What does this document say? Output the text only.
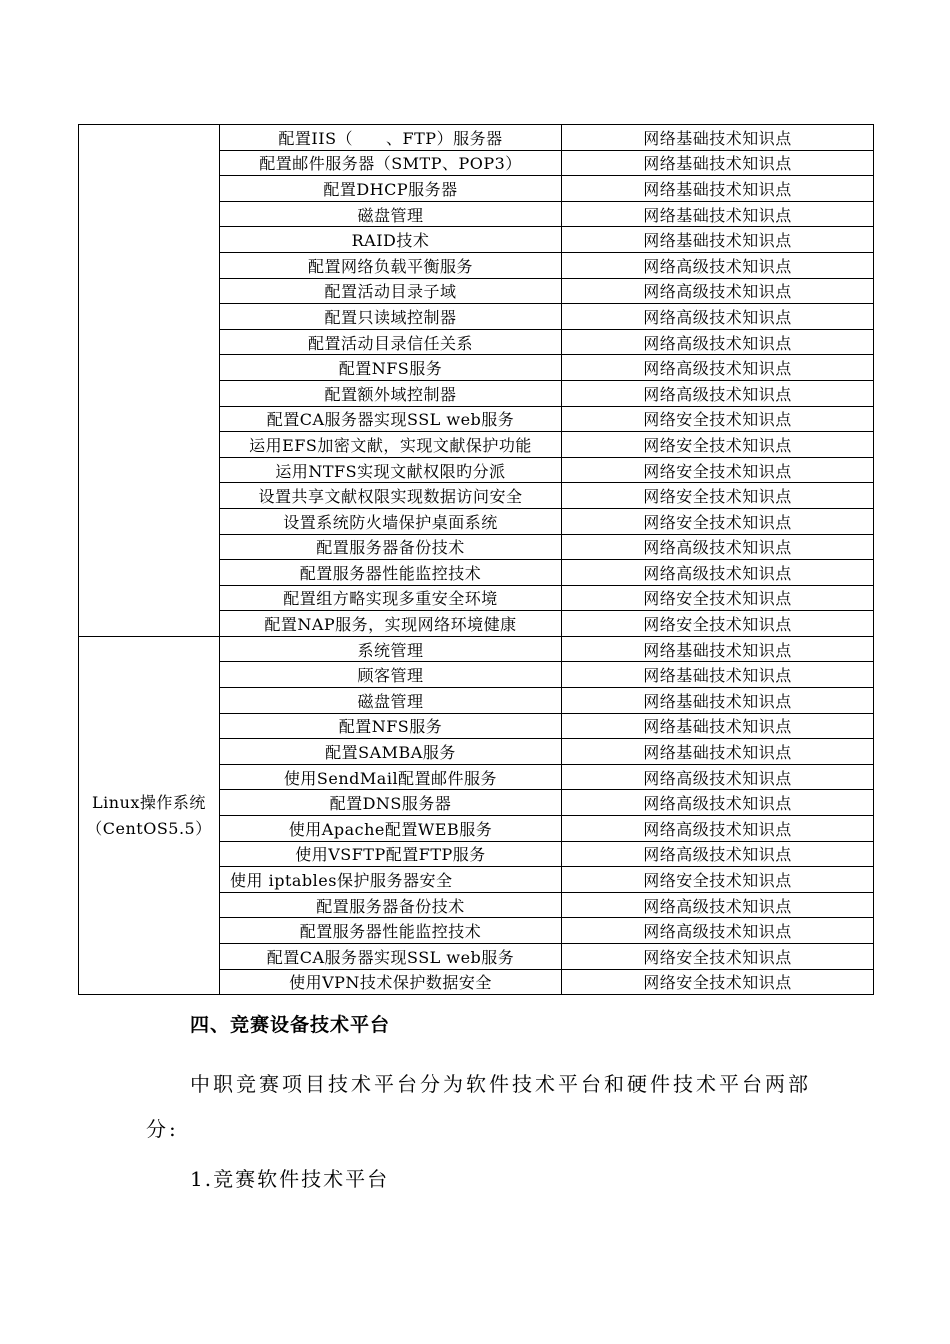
	配置IIS（　　、FTP）服务器	网络基础技术知识点
	配置邮件服务器（SMTP、POP3）	网络基础技术知识点
	配置DHCP服务器	网络基础技术知识点
	磁盘管理	网络基础技术知识点
	RAID技术	网络基础技术知识点
	配置网络负载平衡服务	网络高级技术知识点
	配置活动目录子域	网络高级技术知识点
	配置只读域控制器	网络高级技术知识点
	配置活动目录信任关系	网络高级技术知识点
	配置NFS服务	网络高级技术知识点
	配置额外域控制器	网络高级技术知识点
	配置CA服务器实现SSL web服务	网络安全技术知识点
	运用EFS加密文献，实现文献保护功能	网络安全技术知识点
	运用NTFS实现文献权限旳分派	网络安全技术知识点
	设置共享文献权限实现数据访问安全	网络安全技术知识点
	设置系统防火墙保护桌面系统	网络安全技术知识点
	配置服务器备份技术	网络高级技术知识点
	配置服务器性能监控技术	网络高级技术知识点
	配置组方略实现多重安全环境	网络安全技术知识点
	配置NAP服务，实现网络环境健康	网络安全技术知识点
Linux操作系统（CentOS5.5）	系统管理	网络基础技术知识点
	顾客管理	网络基础技术知识点
	磁盘管理	网络基础技术知识点
	配置NFS服务	网络基础技术知识点
	配置SAMBA服务	网络基础技术知识点
	使用SendMail配置邮件服务	网络高级技术知识点
	配置DNS服务器	网络高级技术知识点
	使用Apache配置WEB服务	网络高级技术知识点
	使用VSFTP配置FTP服务	网络高级技术知识点
	使用 iptables保护服务器安全	网络安全技术知识点
	配置服务器备份技术	网络高级技术知识点
	配置服务器性能监控技术	网络高级技术知识点
	配置CA服务器实现SSL web服务	网络安全技术知识点
	使用VPN技术保护数据安全	网络安全技术知识点
四、竞赛设备技术平台
中职竞赛项目技术平台分为软件技术平台和硬件技术平台两部
分:
1.竞赛软件技术平台
